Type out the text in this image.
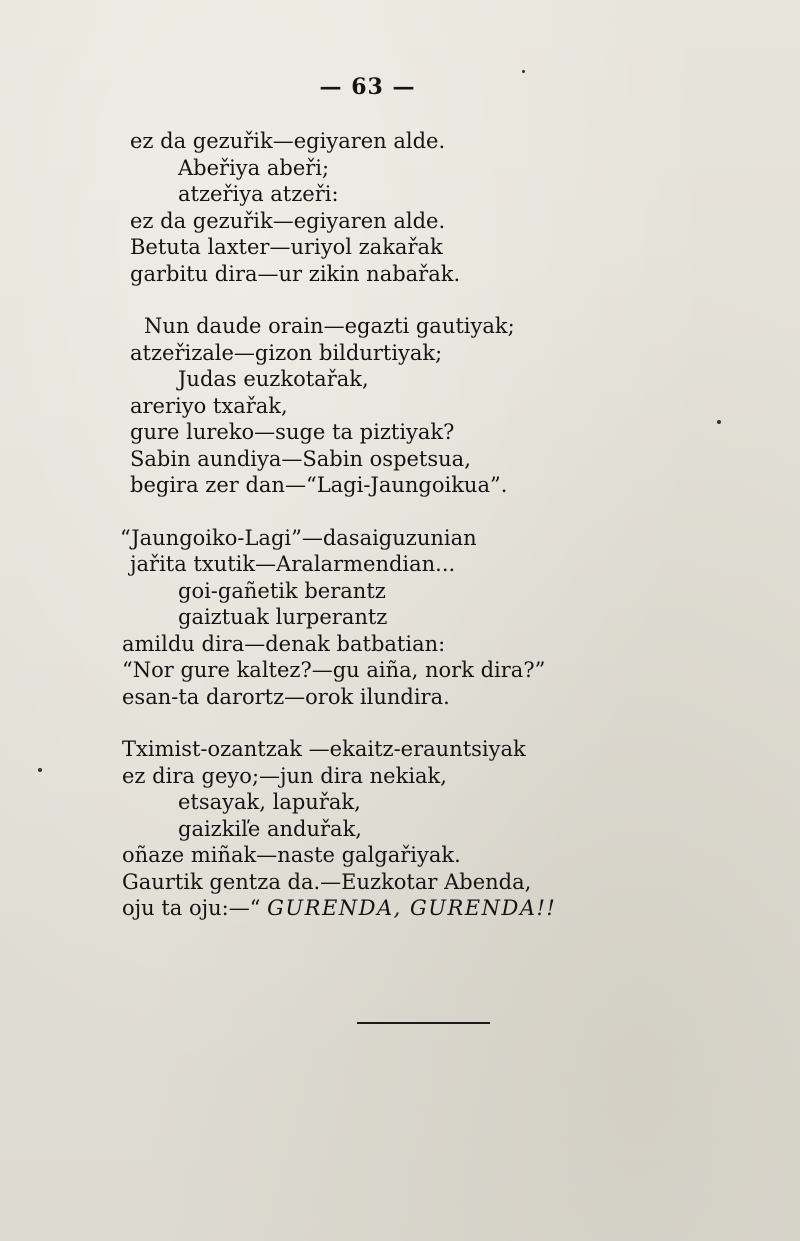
— 63 —
ez da gezuřik—egiyaren alde.
Abeřiya abeři;
atzeřiya atzeři:
ez da gezuřik—egiyaren alde.
Betuta laxter—uriyol zakařak
garbitu dira—ur zikin nabařak.
Nun daude orain—egazti gautiyak;
atzeřizale—gizon bildurtiyak;
Judas euzkotařak,
areriyo txařak,
gure lureko—suge ta piztiyak?
Sabin aundiya—Sabin ospetsua,
begira zer dan—“Lagi-Jaungoikua”.
“Jaungoiko-Lagi”—dasaiguzunian
jařita txutik—Aralarmendian...
goi-gañetik berantz
gaiztuak lurperantz
amildu dira—denak batbatian:
“Nor gure kaltez?—gu aiña, nork dira?”
esan-ta darortz—orok ilundira.
Tximist-ozantzak —ekaitz-erauntsiyak
ez dira geyo;—jun dira nekiak,
etsayak, lapuřak,
gaizkiľe anduřak,
oñaze miñak—naste galgařiyak.
Gaurtik gentza da.—Euzkotar Abenda,
oju ta oju:—“ GURENDA, GURENDA!!
